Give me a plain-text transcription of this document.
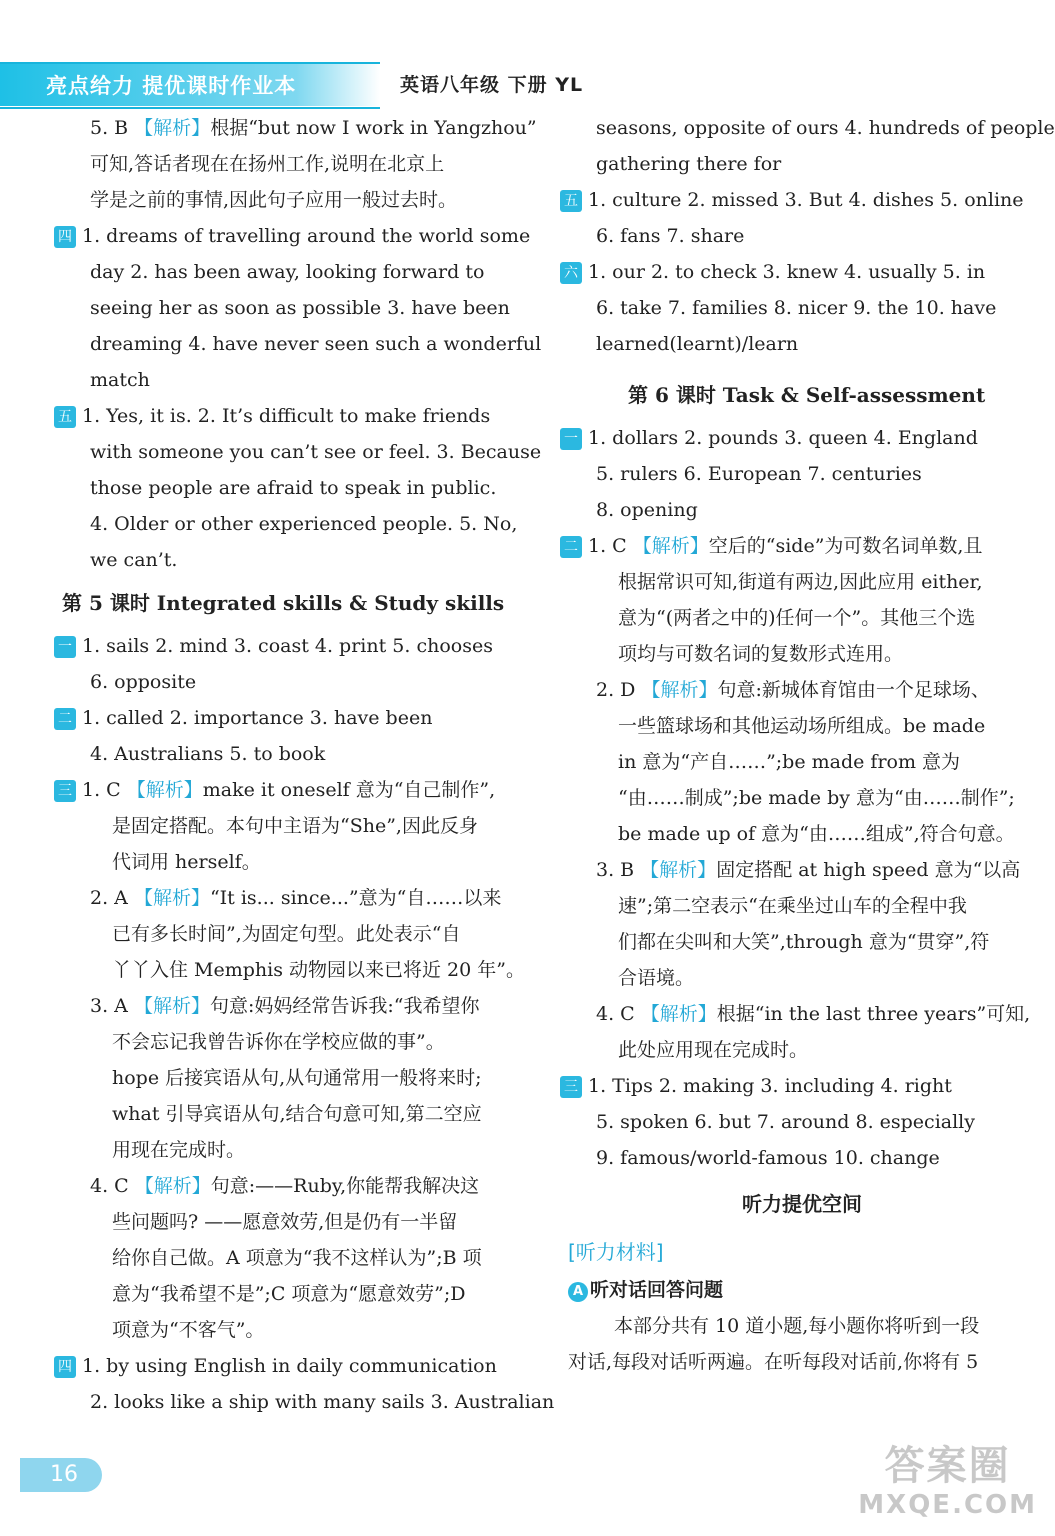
亮点给力 提优课时作业本	英语八年级 下册 YL
5. B 【解析】根据“but now I work in Yangzhou”
可知,答话者现在在扬州工作,说明在北京上
学是之前的事情,因此句子应用一般过去时。
四 1. dreams of travelling around the world some
day 2. has been away, looking forward to
seeing her as soon as possible 3. have been
dreaming 4. have never seen such a wonderful
match
五 1. Yes, it is. 2. It’s difficult to make friends
with someone you can’t see or feel. 3. Because
those people are afraid to speak in public.
4. Older or other experienced people. 5. No,
we can’t.
第 5 课时 Integrated skills & Study skills
一 1. sails 2. mind 3. coast 4. print 5. chooses
6. opposite
二 1. called 2. importance 3. have been
4. Australians 5. to book
三 1. C 【解析】make it oneself 意为“自己制作”,
是固定搭配。本句中主语为“She”,因此反身
代词用 herself。
2. A 【解析】“It is... since...”意为“自……以来
已有多长时间”,为固定句型。此处表示“自
丫丫入住 Memphis 动物园以来已将近 20 年”。
3. A 【解析】句意:妈妈经常告诉我:“我希望你
不会忘记我曾告诉你在学校应做的事”。
hope 后接宾语从句,从句通常用一般将来时;
what 引导宾语从句,结合句意可知,第二空应
用现在完成时。
4. C 【解析】句意:——Ruby,你能帮我解决这
些问题吗? ——愿意效劳,但是仍有一半留
给你自己做。A 项意为“我不这样认为”;B 项
意为“我希望不是”;C 项意为“愿意效劳”;D
项意为“不客气”。
四 1. by using English in daily communication
2. looks like a ship with many sails 3. Australian
seasons, opposite of ours 4. hundreds of people
gathering there for
五 1. culture 2. missed 3. But 4. dishes 5. online
6. fans 7. share
六 1. our 2. to check 3. knew 4. usually 5. in
6. take 7. families 8. nicer 9. the 10. have
learned(learnt)/learn
第 6 课时 Task & Self-assessment
一 1. dollars 2. pounds 3. queen 4. England
5. rulers 6. European 7. centuries
8. opening
二 1. C 【解析】空后的“side”为可数名词单数,且
根据常识可知,街道有两边,因此应用 either,
意为“(两者之中的)任何一个”。其他三个选
项均与可数名词的复数形式连用。
2. D 【解析】句意:新城体育馆由一个足球场、
一些篮球场和其他运动场所组成。be made
in 意为“产自……”;be made from 意为
“由……制成”;be made by 意为“由……制作”;
be made up of 意为“由……组成”,符合句意。
3. B 【解析】固定搭配 at high speed 意为“以高
速”;第二空表示“在乘坐过山车的全程中我
们都在尖叫和大笑”,through 意为“贯穿”,符
合语境。
4. C 【解析】根据“in the last three years”可知,
此处应用现在完成时。
三 1. Tips 2. making 3. including 4. right
5. spoken 6. but 7. around 8. especially
9. famous/world-famous 10. change
听力提优空间
[听力材料]
A 听对话回答问题
本部分共有 10 道小题,每小题你将听到一段
对话,每段对话听两遍。在听每段对话前,你将有 5
16	答案圈
MXQE.COM
